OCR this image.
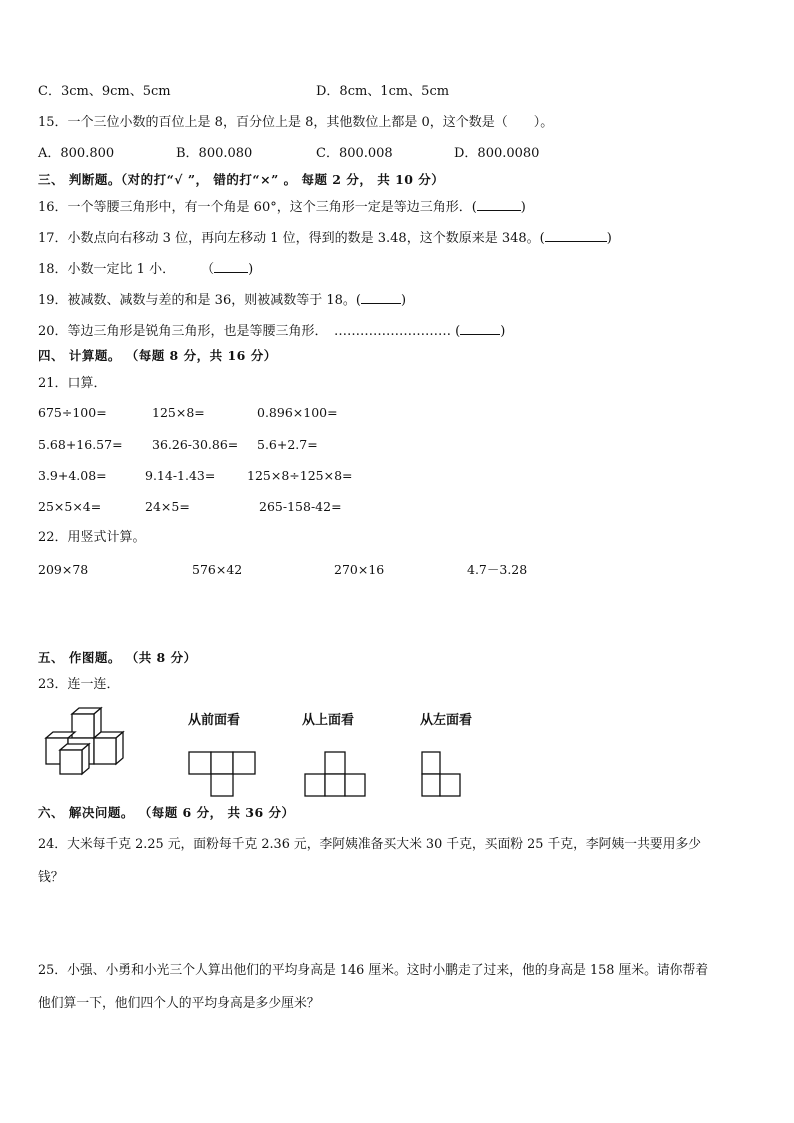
C．3cm、9cm、5cm	D．8cm、1cm、5cm
15．一个三位小数的百位上是 8，百分位上是 8，其他数位上都是 0，这个数是（　　）。
A．800.800	B．800.080	C．800.008	D．800.0080
三、 判断题。（对的打“√ ”， 错的打“×” 。 每题 2 分， 共 10 分）
16．一个等腰三角形中，有一个角是 60°，这个三角形一定是等边三角形．(	)
17．小数点向右移动 3 位，再向左移动 1 位，得到的数是 3.48，这个数原来是 348。(	)
18．小数一定比 1 小．　　　（	)
19．被减数、减数与差的和是 36，则被减数等于 18。(	)
20．等边三角形是锐角三角形，也是等腰三角形．　……………………… (	)
四、 计算题。 （每题 8 分，共 16 分）
21．口算．
675÷100=	125×8=	0.896×100=
5.68+16.57= 36.26-30.86= 5.6+2.7=
3.9+4.08=	9.14-1.43=	125×8÷125×8=
25×5×4=	24×5=	265-158-42=
22．用竖式计算。
209×78	576×42	270×16	4.7－3.28
五、 作图题。 （共 8 分）
23．连一连．
从前面看	从上面看	从左面看
六、 解决问题。 （每题 6 分， 共 36 分）
24．大米每千克 2.25 元，面粉每千克 2.36 元，李阿姨准备买大米 30 千克，买面粉 25 千克，李阿姨一共要用多少
钱？
25．小强、小勇和小光三个人算出他们的平均身高是 146 厘米。这时小鹏走了过来，他的身高是 158 厘米。请你帮着
他们算一下，他们四个人的平均身高是多少厘米？
